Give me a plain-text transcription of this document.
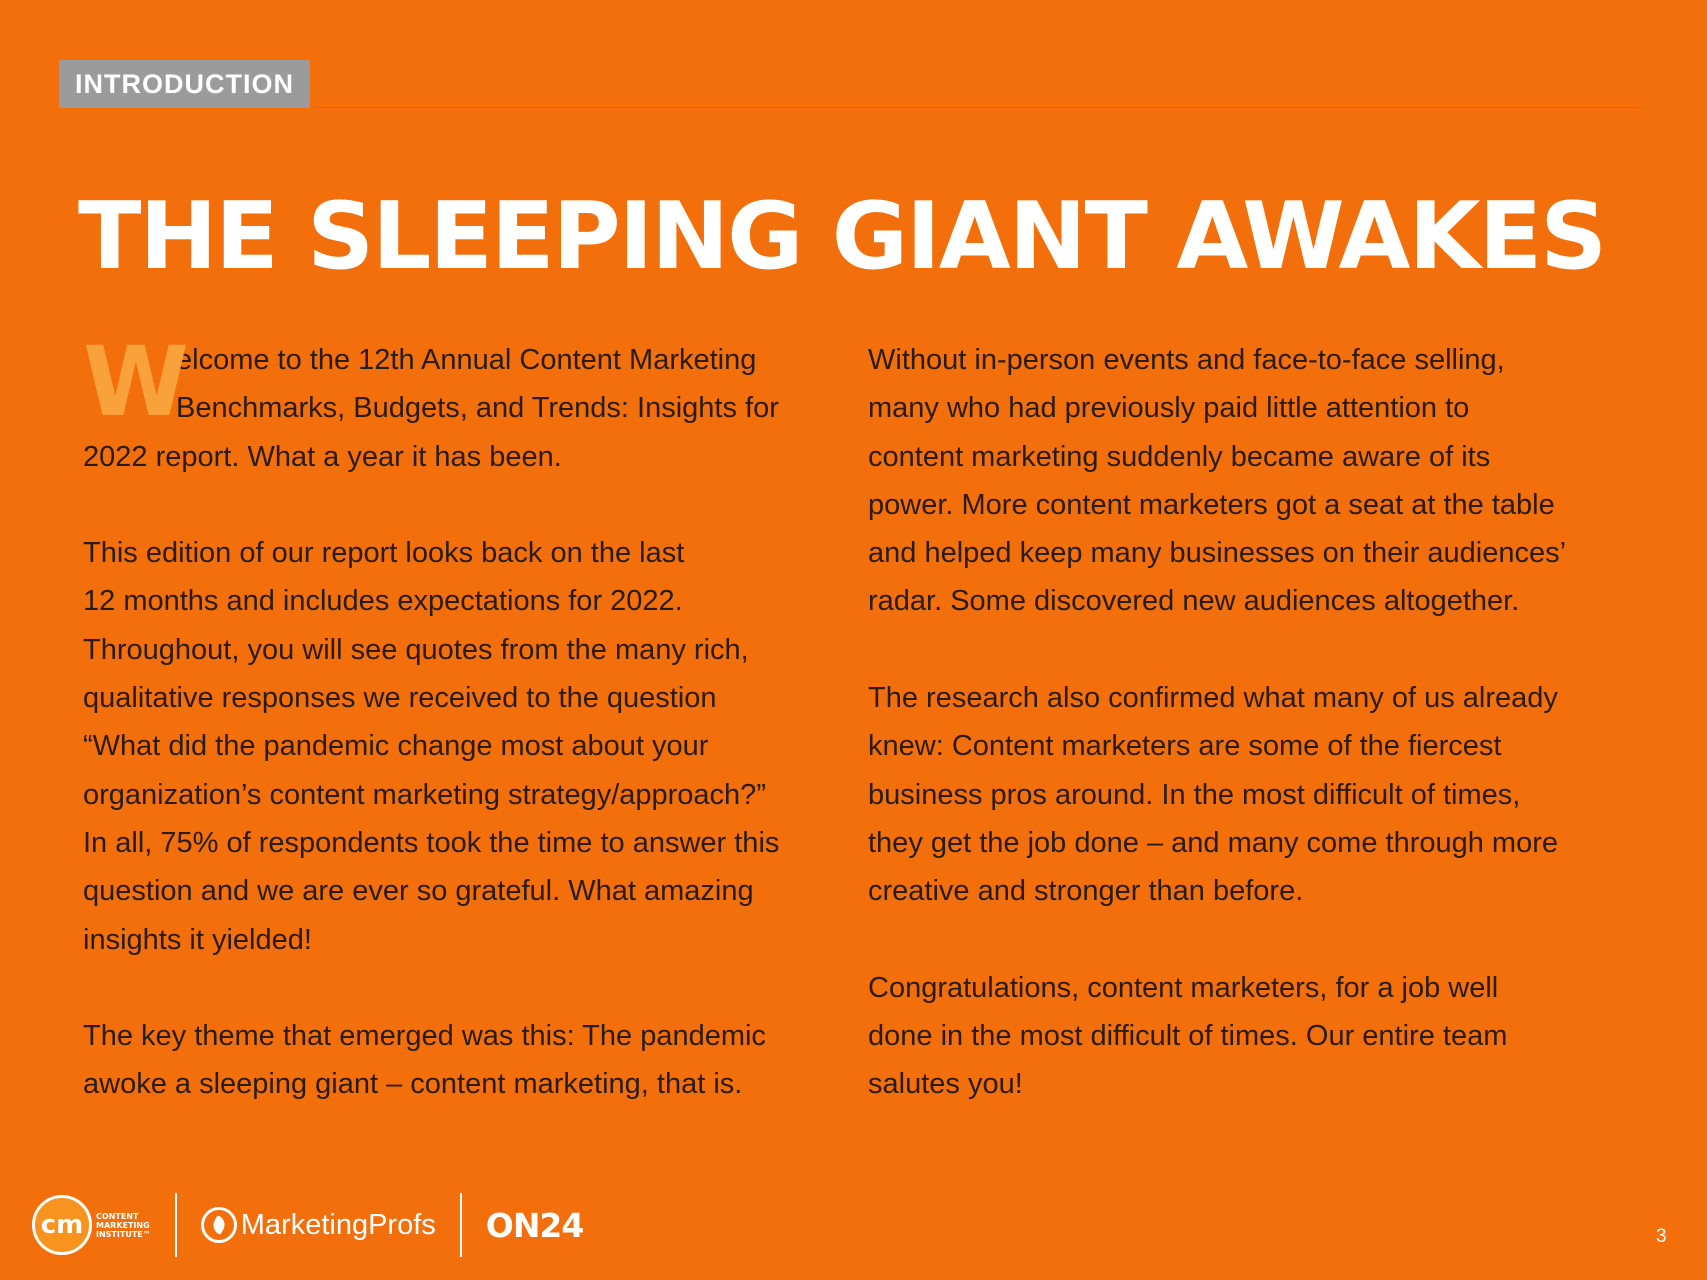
INTRODUCTION
THE SLEEPING GIANT AWAKES

W
elcome to the 12th Annual Content Marketing
Benchmarks, Budgets, and Trends: Insights for
2022 report. What a year it has been.

This edition of our report looks back on the last
12 months and includes expectations for 2022.
Throughout, you will see quotes from the many rich,
qualitative responses we received to the question
“What did the pandemic change most about your
organization’s content marketing strategy/approach?”
In all, 75% of respondents took the time to answer this
question and we are ever so grateful. What amazing
insights it yielded!

The key theme that emerged was this: The pandemic
awoke a sleeping giant – content marketing, that is.

Without in-person events and face-to-face selling,
many who had previously paid little attention to
content marketing suddenly became aware of its
power. More content marketers got a seat at the table
and helped keep many businesses on their audiences’
radar. Some discovered new audiences altogether.

The research also confirmed what many of us already
knew: Content marketers are some of the fiercest
business pros around. In the most difficult of times,
they get the job done – and many come through more
creative and stronger than before.

Congratulations, content marketers, for a job well
done in the most difficult of times. Our entire team
salutes you!

cm	CONTENT
MARKETING
INSTITUTE™	MarketingProfs ON24	3
